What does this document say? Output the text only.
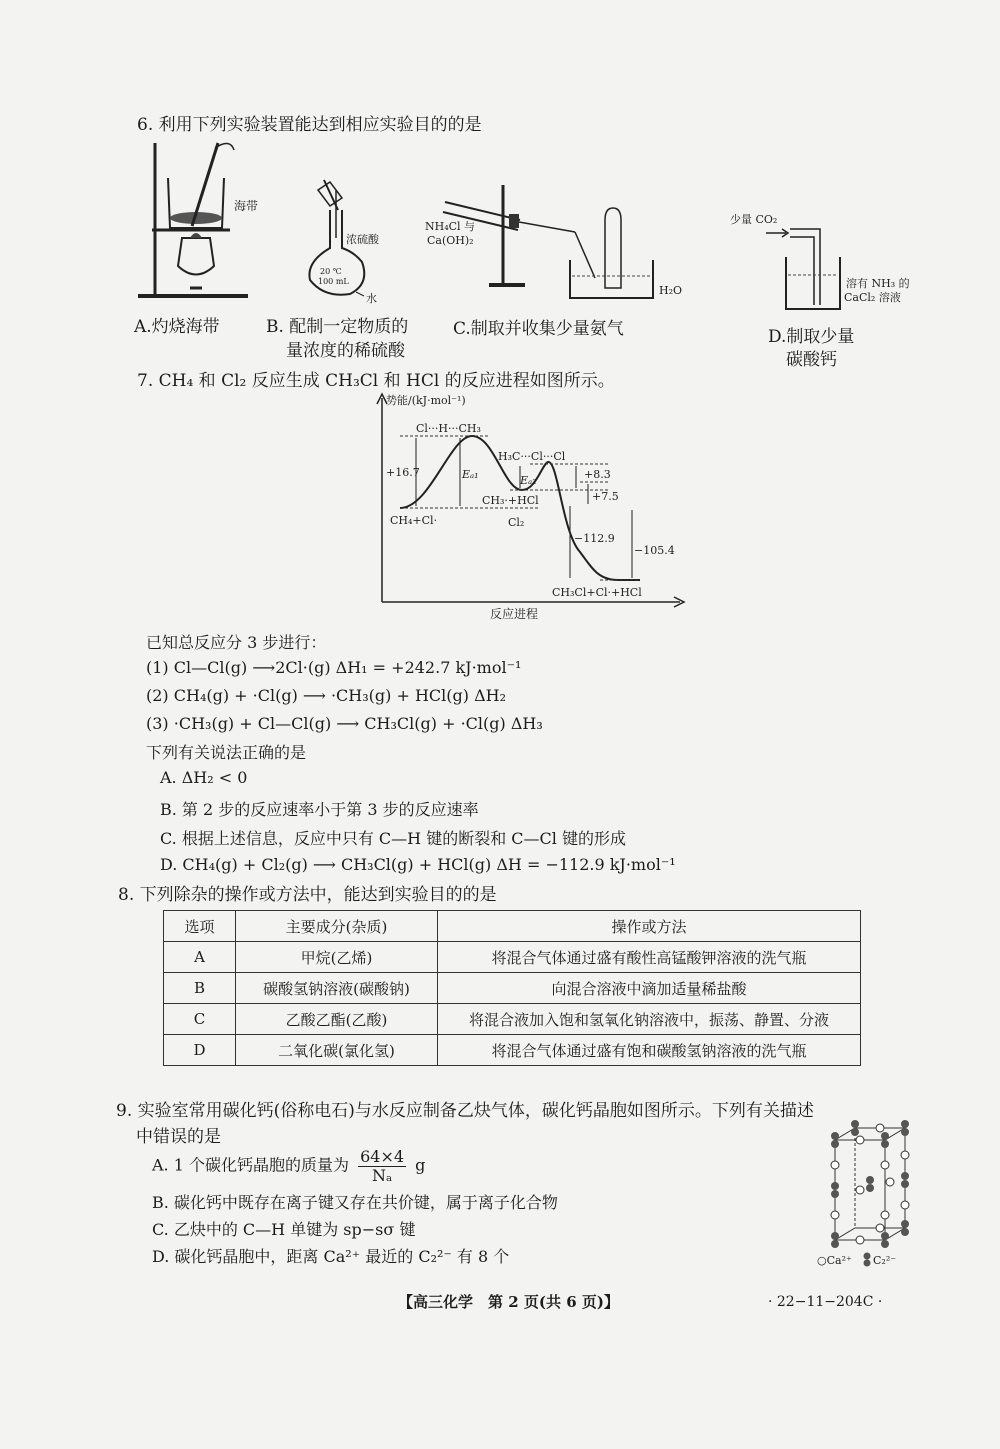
6. 利用下列实验装置能达到相应实验目的的是
海带
A.灼烧海带
浓硫酸
20 ℃
100 mL
水
B. 配制一定物质的
量浓度的稀硫酸
NH₄Cl 与
Ca(OH)₂
H₂O
C.制取并收集少量氨气
少量 CO₂
溶有 NH₃ 的
CaCl₂ 溶液
D.制取少量
碳酸钙
7. CH₄ 和 Cl₂ 反应生成 CH₃Cl 和 HCl 的反应进程如图所示。
势能/(kJ·mol⁻¹)
反应进程
Cl···H···CH₃
H₃C···Cl···Cl
CH₄+Cl·
CH₃·+HCl
Cl₂
CH₃Cl+Cl·+HCl
Eₐ₁	Eₐ₂
+16.7	+8.3
+7.5
−112.9
−105.4
已知总反应分 3 步进行：
(1) Cl—Cl(g) ⟶2Cl·(g) ΔH₁ = +242.7 kJ·mol⁻¹
(2) CH₄(g) + ·Cl(g) ⟶ ·CH₃(g) + HCl(g) ΔH₂
(3) ·CH₃(g) + Cl—Cl(g) ⟶ CH₃Cl(g) + ·Cl(g) ΔH₃
下列有关说法正确的是
A. ΔH₂ < 0
B. 第 2 步的反应速率小于第 3 步的反应速率
C. 根据上述信息，反应中只有 C—H 键的断裂和 C—Cl 键的形成
D. CH₄(g) + Cl₂(g) ⟶ CH₃Cl(g) + HCl(g) ΔH = −112.9 kJ·mol⁻¹
8. 下列除杂的操作或方法中，能达到实验目的的是
选项	主要成分(杂质)	操作或方法
A	甲烷(乙烯)	将混合气体通过盛有酸性高锰酸钾溶液的洗气瓶
B	碳酸氢钠溶液(碳酸钠)	向混合溶液中滴加适量稀盐酸
C	乙酸乙酯(乙酸)	将混合液加入饱和氢氧化钠溶液中，振荡、静置、分液
D	二氧化碳(氯化氢)	将混合气体通过盛有饱和碳酸氢钠溶液的洗气瓶
9. 实验室常用碳化钙(俗称电石)与水反应制备乙炔气体，碳化钙晶胞如图所示。下列有关描述
中错误的是
A. 1 个碳化钙晶胞的质量为 $\frac{64\times 4}{\text{Nₐ}}$ g
B. 碳化钙中既存在离子键又存在共价键，属于离子化合物
C. 乙炔中的 C—H 单键为 sp−sσ 键
D. 碳化钙晶胞中，距离 Ca²⁺ 最近的 C₂²⁻ 有 8 个	○Ca²⁺ C₂²⁻
​
【高三化学　第 2 页(共 6 页)】	· 22−11−204C ·
